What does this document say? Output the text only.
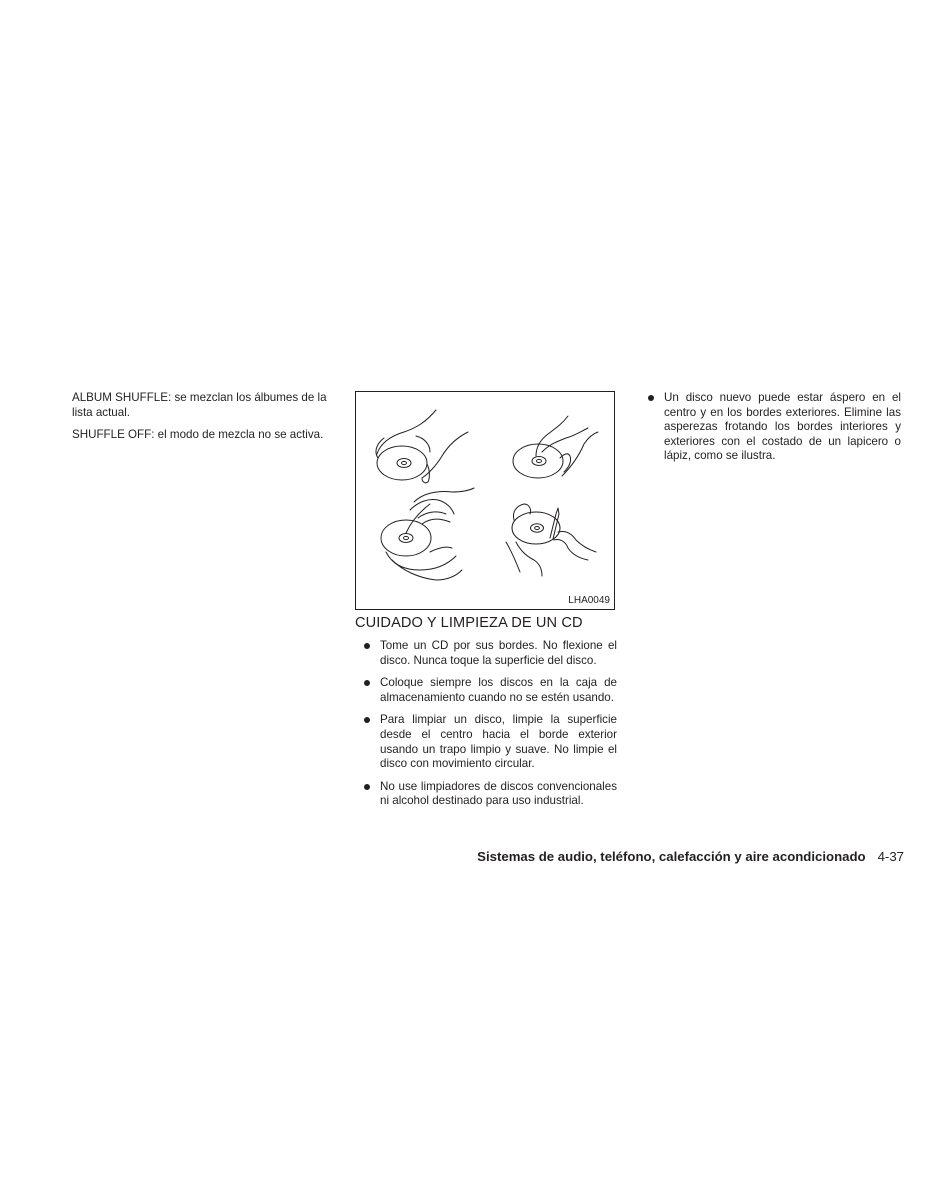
ALBUM SHUFFLE: se mezclan los álbumes de la lista actual.

SHUFFLE OFF: el modo de mezcla no se activa.

LHA0049
CUIDADO Y LIMPIEZA DE UN CD
Tome un CD por sus bordes. No flexione el disco. Nunca toque la superficie del disco.
Coloque siempre los discos en la caja de almacenamiento cuando no se estén usando.
Para limpiar un disco, limpie la superficie desde el centro hacia el borde exterior usando un trapo limpio y suave. No limpie el disco con movimiento circular.
No use limpiadores de discos convencionales ni alcohol destinado para uso industrial.
Un disco nuevo puede estar áspero en el centro y en los bordes exteriores. Elimine las asperezas frotando los bordes interiores y exteriores con el costado de un lapicero o lápiz, como se ilustra.
Sistemas de audio, teléfono, calefacción y aire acondicionado 4-37
